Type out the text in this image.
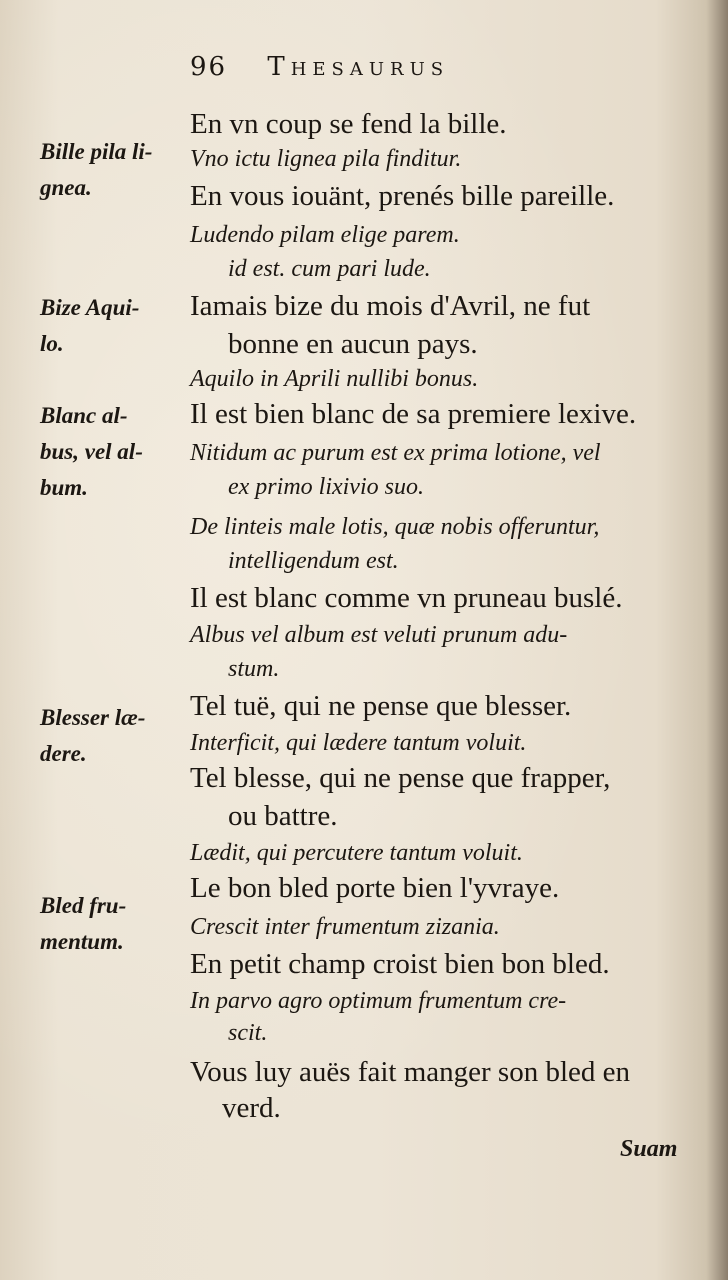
96 Thesaurus
Bille pila li-
gnea.
Bize Aqui-
lo.
Blanc al-
bus, vel al-
bum.
Blesser læ-
dere.
Bled fru-
mentum.
En vn coup se fend la bille.
Vno ictu lignea pila finditur.
En vous iouänt, prenés bille pareille.
Ludendo pilam elige parem.
id est. cum pari lude.
Iamais bize du mois d'Avril, ne fut
bonne en aucun pays.
Aquilo in Aprili nullibi bonus.
Il est bien blanc de sa premiere lexive.
Nitidum ac purum est ex prima lotione, vel
ex primo lixivio suo.
De linteis male lotis, quæ nobis offeruntur,
intelligendum est.
Il est blanc comme vn pruneau buslé.
Albus vel album est veluti prunum adu-
stum.
Tel tuë, qui ne pense que blesser.
Interficit, qui lædere tantum voluit.
Tel blesse, qui ne pense que frapper,
ou battre.
Lædit, qui percutere tantum voluit.
Le bon bled porte bien l'yvraye.
Crescit inter frumentum zizania.
En petit champ croist bien bon bled.
In parvo agro optimum frumentum cre-
scit.
Vous luy auës fait manger son bled en
verd.
Suam
